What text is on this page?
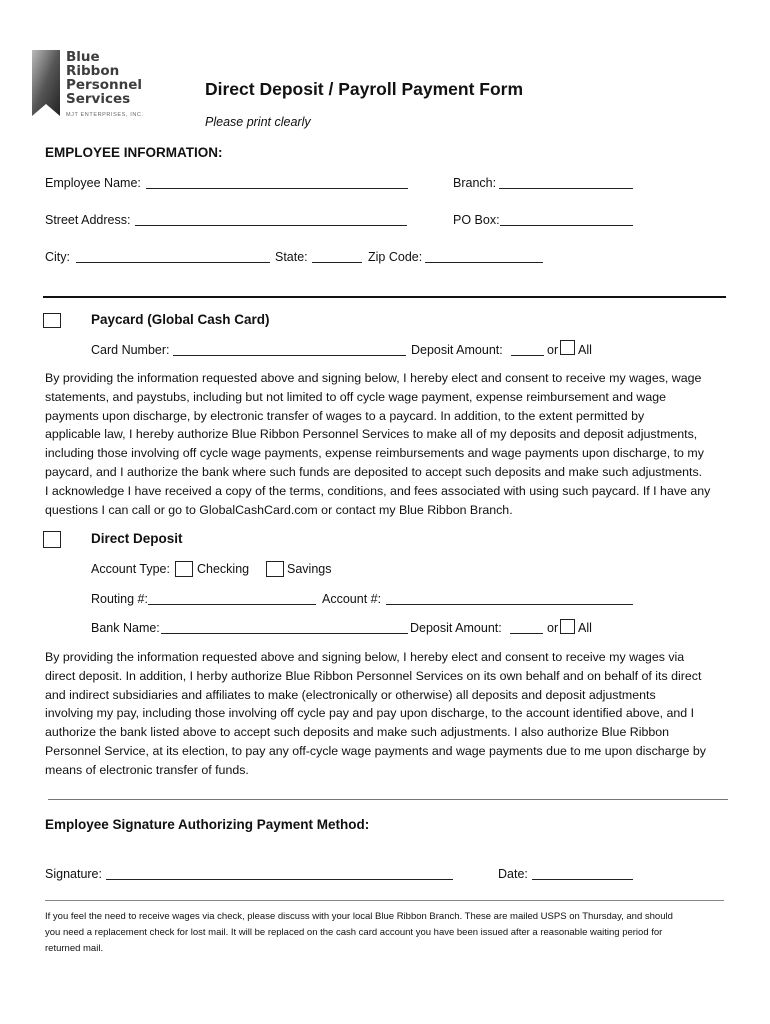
Blue
Ribbon
Personnel
Services
MJT ENTERPRISES, INC.
Direct Deposit / Payroll Payment Form
Please print clearly
EMPLOYEE INFORMATION:
Employee Name:	Branch:
Street Address:	PO Box:
City:	State:	Zip Code:
Paycard (Global Cash Card)
Card Number:	Deposit Amount:	or All
By providing the information requested above and signing below, I hereby elect and consent to receive my wages, wage
statements, and paystubs, including but not limited to off cycle wage payment, expense reimbursement and wage
payments upon discharge, by electronic transfer of wages to a paycard. In addition, to the extent permitted by
applicable law, I hereby authorize Blue Ribbon Personnel Services to make all of my deposits and deposit adjustments,
including those involving off cycle wage payments, expense reimbursements and wage payments upon discharge, to my
paycard, and I authorize the bank where such funds are deposited to accept such deposits and make such adjustments.
I acknowledge I have received a copy of the terms, conditions, and fees associated with using such paycard. If I have any
questions I can call or go to GlobalCashCard.com or contact my Blue Ribbon Branch.
Direct Deposit
Account Type: Checking	Savings
Routing #:	Account #:
Bank Name:	Deposit Amount:	or All
By providing the information requested above and signing below, I hereby elect and consent to receive my wages via
direct deposit. In addition, I herby authorize Blue Ribbon Personnel Services on its own behalf and on behalf of its direct
and indirect subsidiaries and affiliates to make (electronically or otherwise) all deposits and deposit adjustments
involving my pay, including those involving off cycle pay and pay upon discharge, to the account identified above, and I
authorize the bank listed above to accept such deposits and make such adjustments. I also authorize Blue Ribbon
Personnel Service, at its election, to pay any off-cycle wage payments and wage payments due to me upon discharge by
means of electronic transfer of funds.
Employee Signature Authorizing Payment Method:
Signature:	Date:
If you feel the need to receive wages via check, please discuss with your local Blue Ribbon Branch. These are mailed USPS on Thursday, and should
you need a replacement check for lost mail. It will be replaced on the cash card account you have been issued after a reasonable waiting period for
returned mail.
